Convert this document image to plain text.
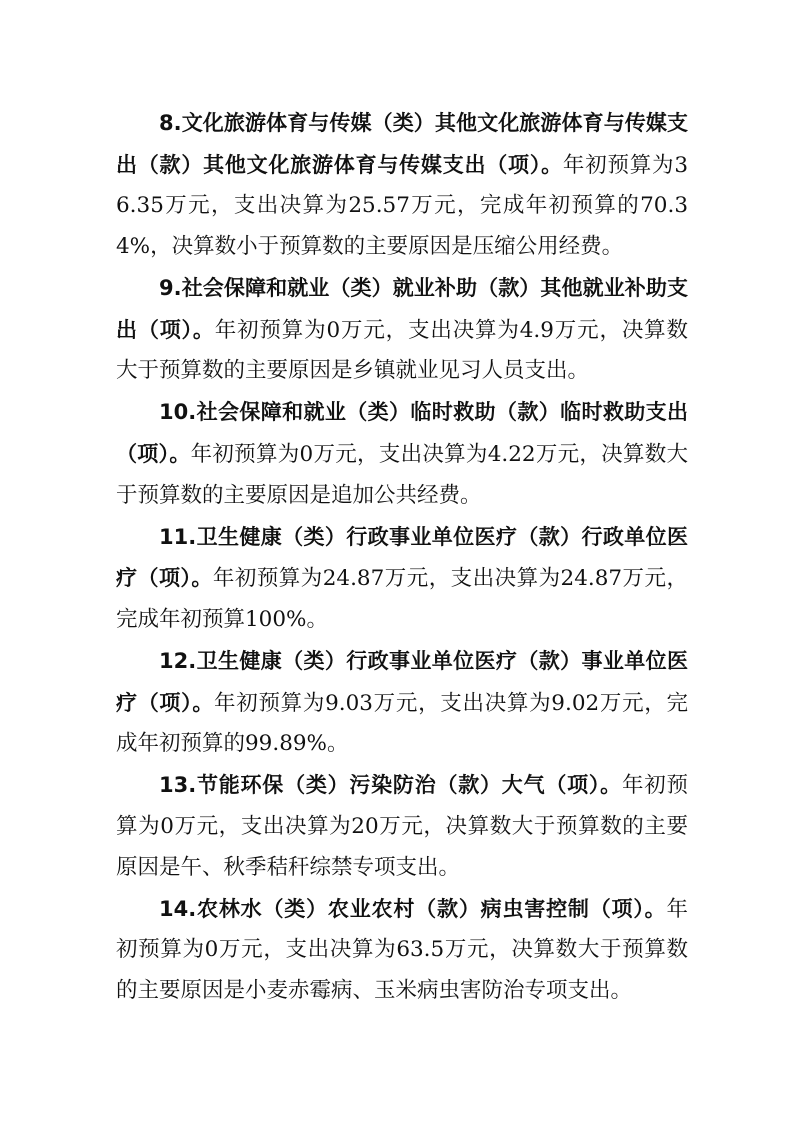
8.文化旅游体育与传媒（类）其他文化旅游体育与传媒支出（款）其他文化旅游体育与传媒支出（项）。年初预算为36.35万元，支出决算为25.57万元，完成年初预算的70.34%，决算数小于预算数的主要原因是压缩公用经费。

9.社会保障和就业（类）就业补助（款）其他就业补助支出（项）。年初预算为0万元，支出决算为4.9万元，决算数大于预算数的主要原因是乡镇就业见习人员支出。

10.社会保障和就业（类）临时救助（款）临时救助支出（项）。年初预算为0万元，支出决算为4.22万元，决算数大于预算数的主要原因是追加公共经费。

11.卫生健康（类）行政事业单位医疗（款）行政单位医疗（项）。年初预算为24.87万元，支出决算为24.87万元，完成年初预算100%。

12.卫生健康（类）行政事业单位医疗（款）事业单位医疗（项）。年初预算为9.03万元，支出决算为9.02万元，完成年初预算的99.89%。

13.节能环保（类）污染防治（款）大气（项）。年初预算为0万元，支出决算为20万元，决算数大于预算数的主要原因是午、秋季秸秆综禁专项支出。

14.农林水（类）农业农村（款）病虫害控制（项）。年初预算为0万元，支出决算为63.5万元，决算数大于预算数的主要原因是小麦赤霉病、玉米病虫害防治专项支出。
